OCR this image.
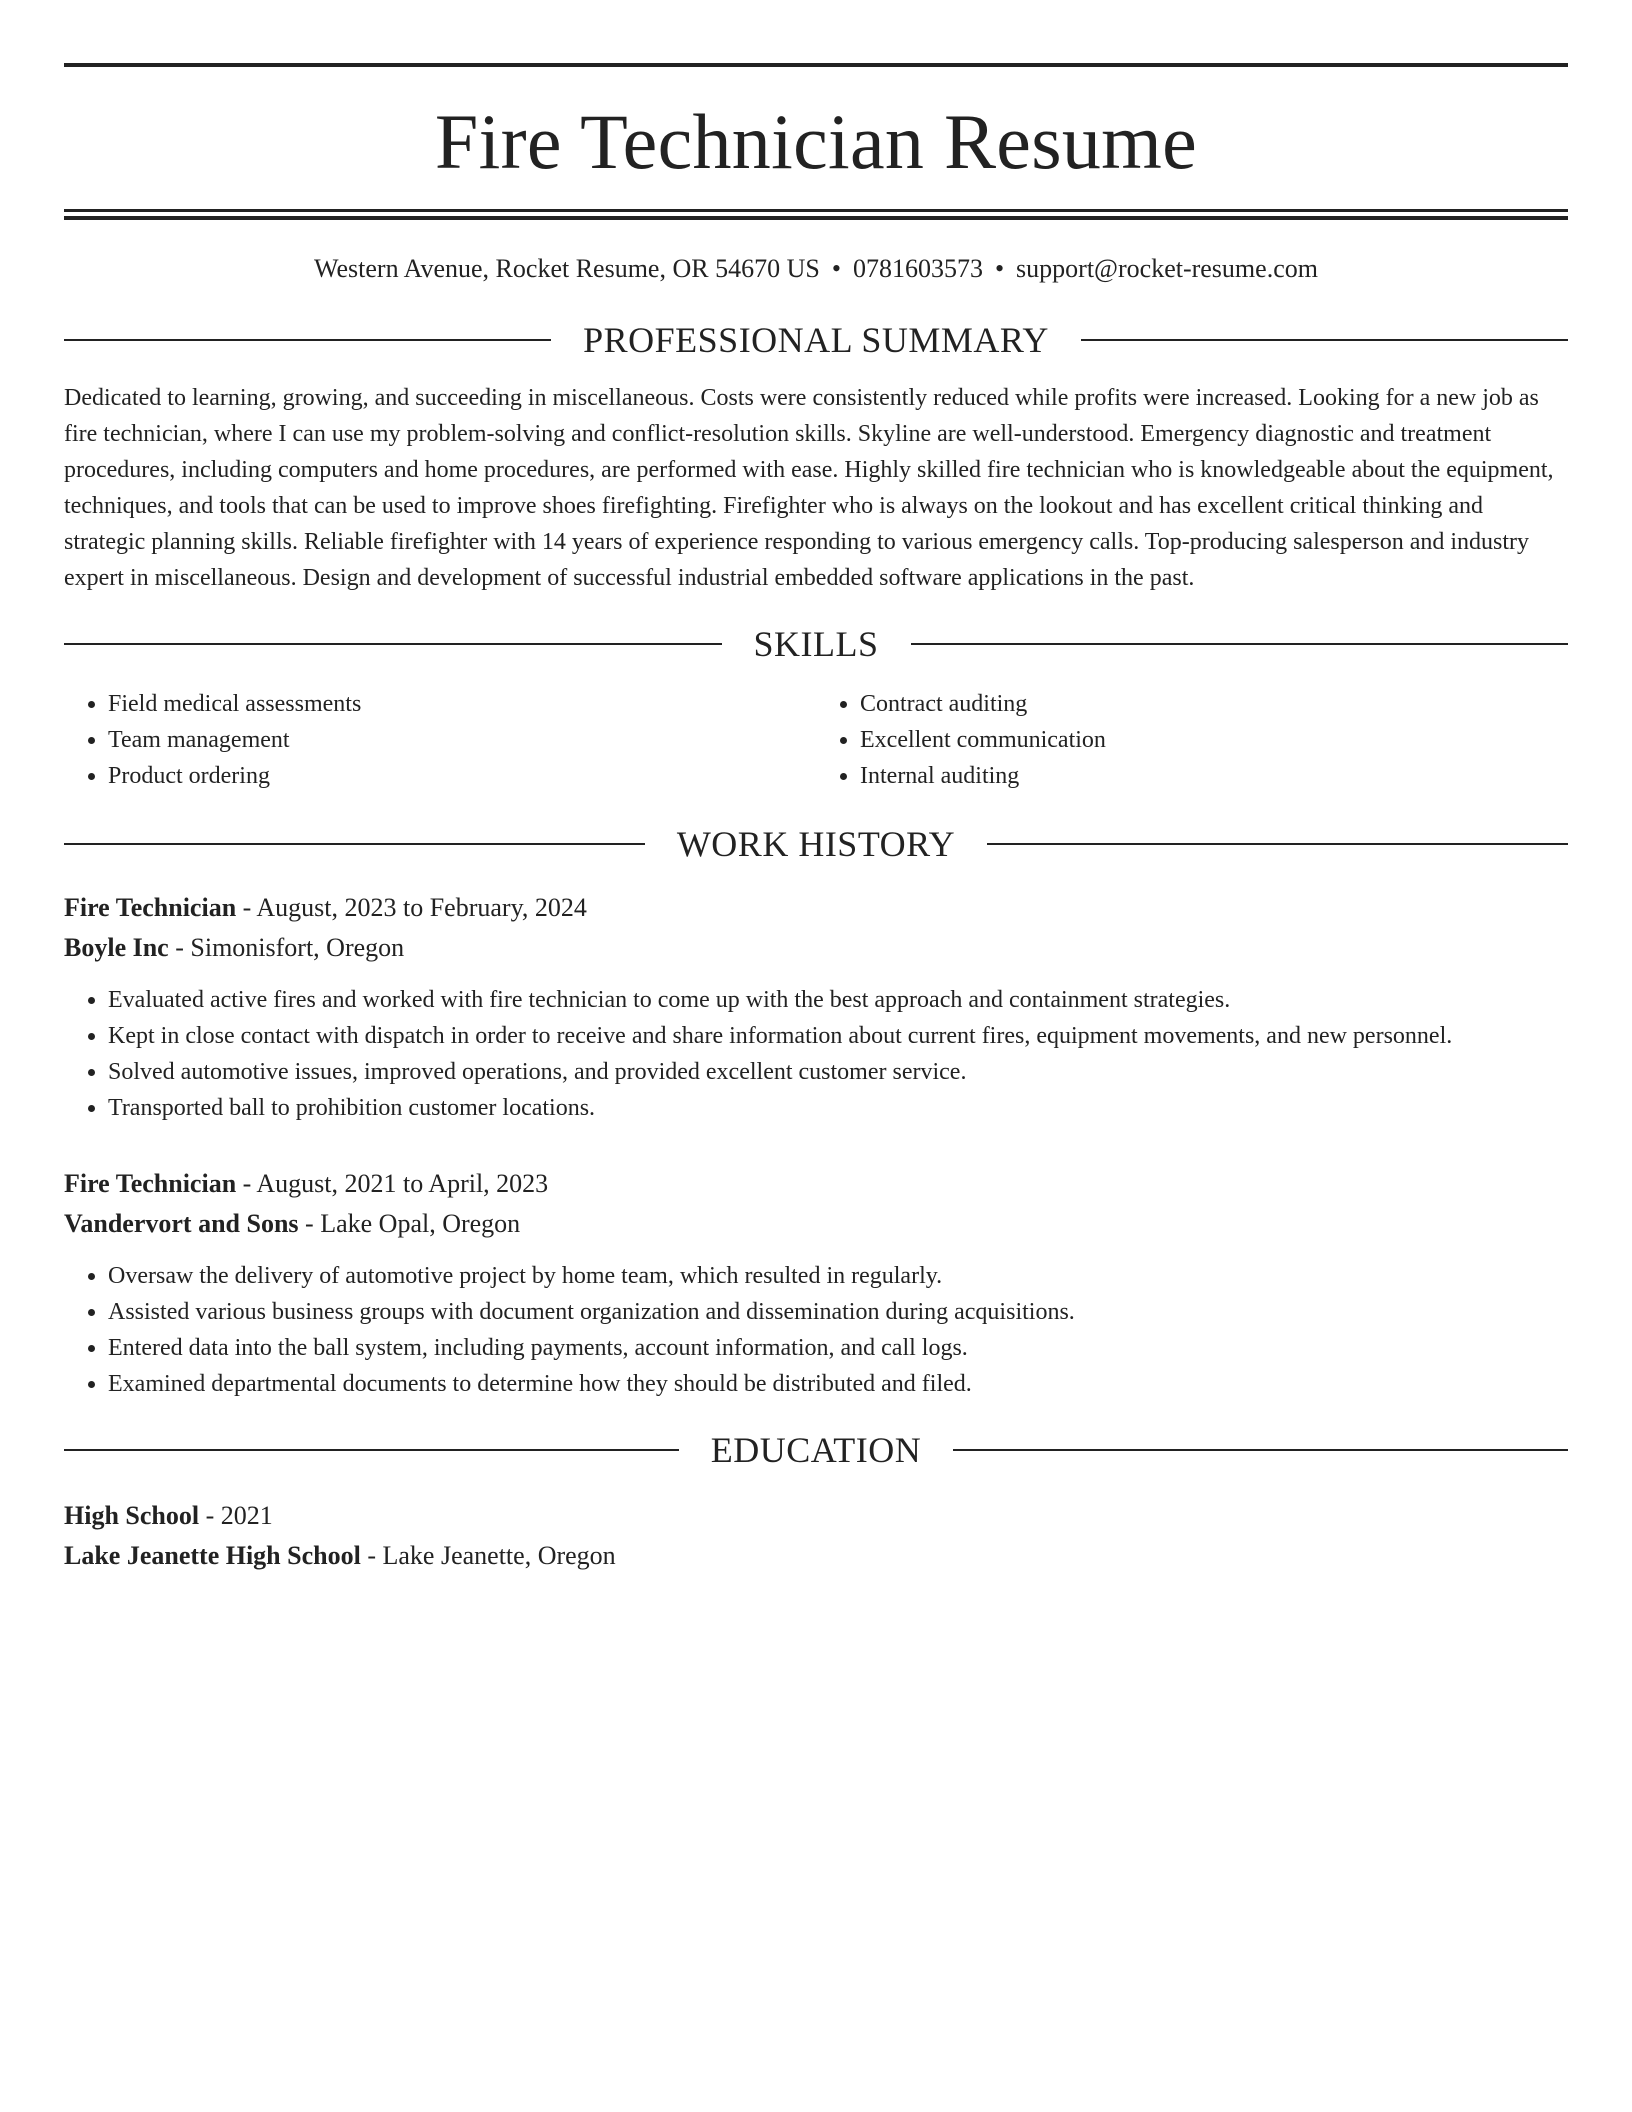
Fire Technician Resume
Western Avenue, Rocket Resume, OR 54670 US • 0781603573 • support@rocket-resume.com
PROFESSIONAL SUMMARY
Dedicated to learning, growing, and succeeding in miscellaneous. Costs were consistently reduced while profits were increased. Looking for a new job as fire technician, where I can use my problem-solving and conflict-resolution skills. Skyline are well-understood. Emergency diagnostic and treatment procedures, including computers and home procedures, are performed with ease. Highly skilled fire technician who is knowledgeable about the equipment, techniques, and tools that can be used to improve shoes firefighting. Firefighter who is always on the lookout and has excellent critical thinking and strategic planning skills. Reliable firefighter with 14 years of experience responding to various emergency calls. Top-producing salesperson and industry expert in miscellaneous. Design and development of successful industrial embedded software applications in the past.
SKILLS
• Field medical assessments
• Team management
• Product ordering
• Contract auditing
• Excellent communication
• Internal auditing
WORK HISTORY
Fire Technician - August, 2023 to February, 2024
Boyle Inc - Simonisfort, Oregon
• Evaluated active fires and worked with fire technician to come up with the best approach and containment strategies.
• Kept in close contact with dispatch in order to receive and share information about current fires, equipment movements, and new personnel.
• Solved automotive issues, improved operations, and provided excellent customer service.
• Transported ball to prohibition customer locations.
Fire Technician - August, 2021 to April, 2023
Vandervort and Sons - Lake Opal, Oregon
• Oversaw the delivery of automotive project by home team, which resulted in regularly.
• Assisted various business groups with document organization and dissemination during acquisitions.
• Entered data into the ball system, including payments, account information, and call logs.
• Examined departmental documents to determine how they should be distributed and filed.
EDUCATION
High School - 2021
Lake Jeanette High School - Lake Jeanette, Oregon
